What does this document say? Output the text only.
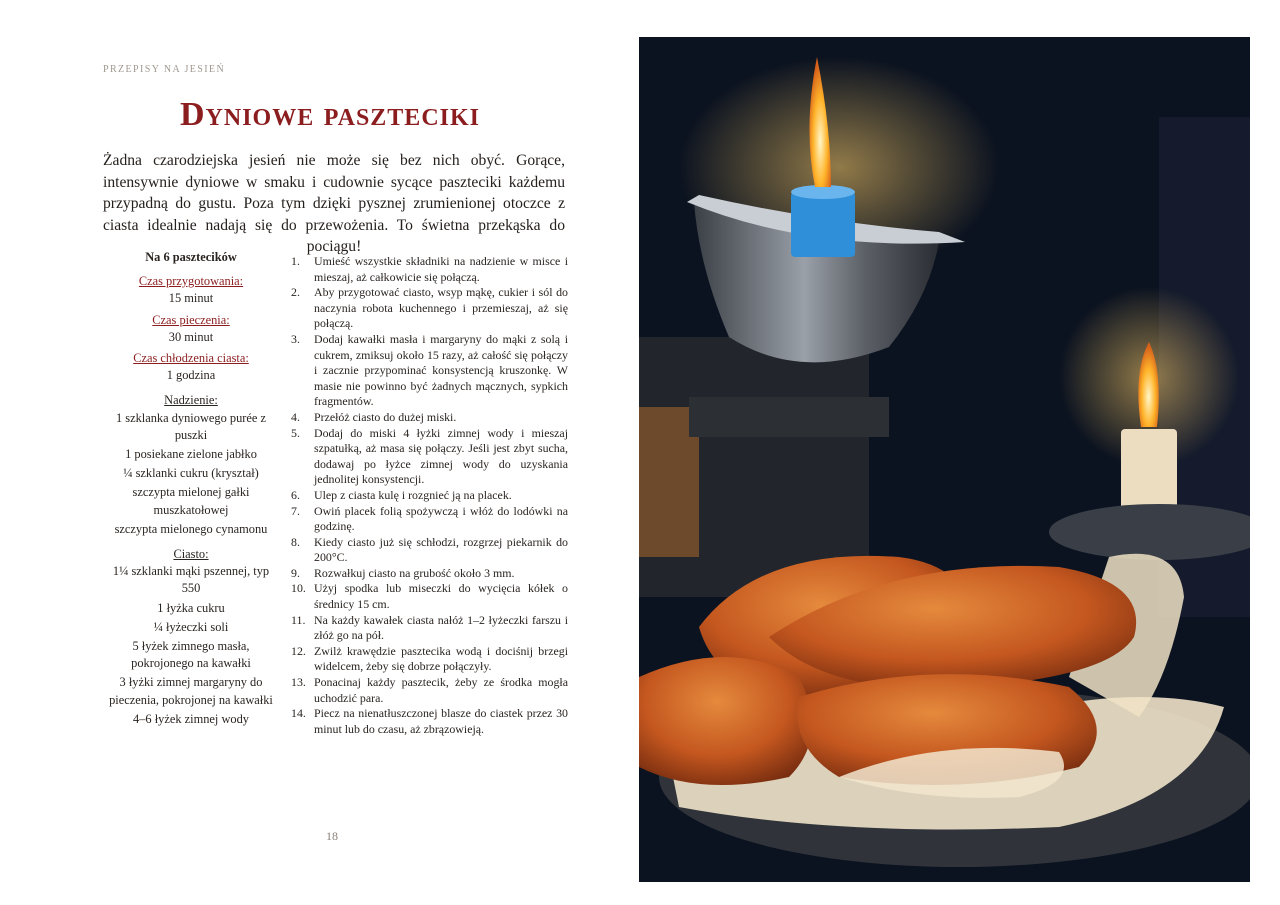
PRZEPISY NA JESIEŃ
Dyniowe paszteciki

Żadna czarodziejska jesień nie może się bez nich obyć. Gorące, intensywnie dyniowe w smaku i cudownie sycące paszteciki każdemu przypadną do gustu. Poza tym dzięki pysznej zrumienionej otoczce z ciasta idealnie nadają się do przewożenia. To świetna przekąska do pociągu!

Na 6 pasztecików
Czas przygotowania:
15 minut
Czas pieczenia:
30 minut
Czas chłodzenia ciasta:
1 godzina
Nadzienie:
1 szklanka dyniowego purée z puszki
1 posiekane zielone jabłko
¼ szklanki cukru (kryształ)
szczypta mielonej gałki muszkatołowej
szczypta mielonego cynamonu
Ciasto:
1¼ szklanki mąki pszennej, typ 550
1 łyżka cukru
¼ łyżeczki soli
5 łyżek zimnego masła, pokrojonego na kawałki
3 łyżki zimnej margaryny do pieczenia, pokrojonej na kawałki
4–6 łyżek zimnej wody
1. Umieść wszystkie składniki na nadzienie w misce i mieszaj, aż całkowicie się połączą.
2. Aby przygotować ciasto, wsyp mąkę, cukier i sól do naczynia robota kuchennego i przemieszaj, aż się połączą.
3. Dodaj kawałki masła i margaryny do mąki z solą i cukrem, zmiksuj około 15 razy, aż całość się połączy i zacznie przypominać konsystencją kruszonkę. W masie nie powinno być żadnych mącznych, sypkich fragmentów.
4. Przełóż ciasto do dużej miski.
5. Dodaj do miski 4 łyżki zimnej wody i mieszaj szpatułką, aż masa się połączy. Jeśli jest zbyt sucha, dodawaj po łyżce zimnej wody do uzyskania jednolitej konsystencji.
6. Ulep z ciasta kulę i rozgnieć ją na placek.
7. Owiń placek folią spożywczą i włóż do lodówki na godzinę.
8. Kiedy ciasto już się schłodzi, rozgrzej piekarnik do 200°C.
9. Rozwałkuj ciasto na grubość około 3 mm.
10. Użyj spodka lub miseczki do wycięcia kółek o średnicy 15 cm.
11. Na każdy kawałek ciasta nałóż 1–2 łyżeczki farszu i złóż go na pół.
12. Zwilż krawędzie pasztecika wodą i dociśnij brzegi widelcem, żeby się dobrze połączyły.
13. Ponacinaj każdy pasztecik, żeby ze środka mogła uchodzić para.
14. Piecz na nienatłuszczonej blasze do ciastek przez 30 minut lub do czasu, aż zbrązowieją.
18
